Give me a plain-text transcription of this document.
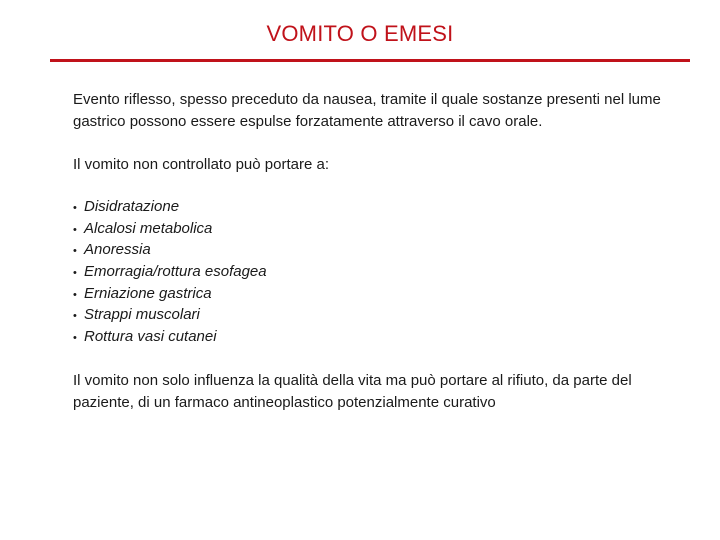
VOMITO O EMESI

Evento riflesso, spesso preceduto da nausea, tramite il quale sostanze presenti nel lume gastrico possono essere espulse forzatamente attraverso il cavo orale.

Il vomito non controllato può portare a:

• Disidratazione
• Alcalosi metabolica
• Anoressia
• Emorragia/rottura esofagea
• Erniazione gastrica
• Strappi muscolari
• Rottura vasi cutanei

Il vomito non solo influenza la qualità della vita ma può portare al rifiuto, da parte del paziente, di un farmaco antineoplastico potenzialmente curativo
